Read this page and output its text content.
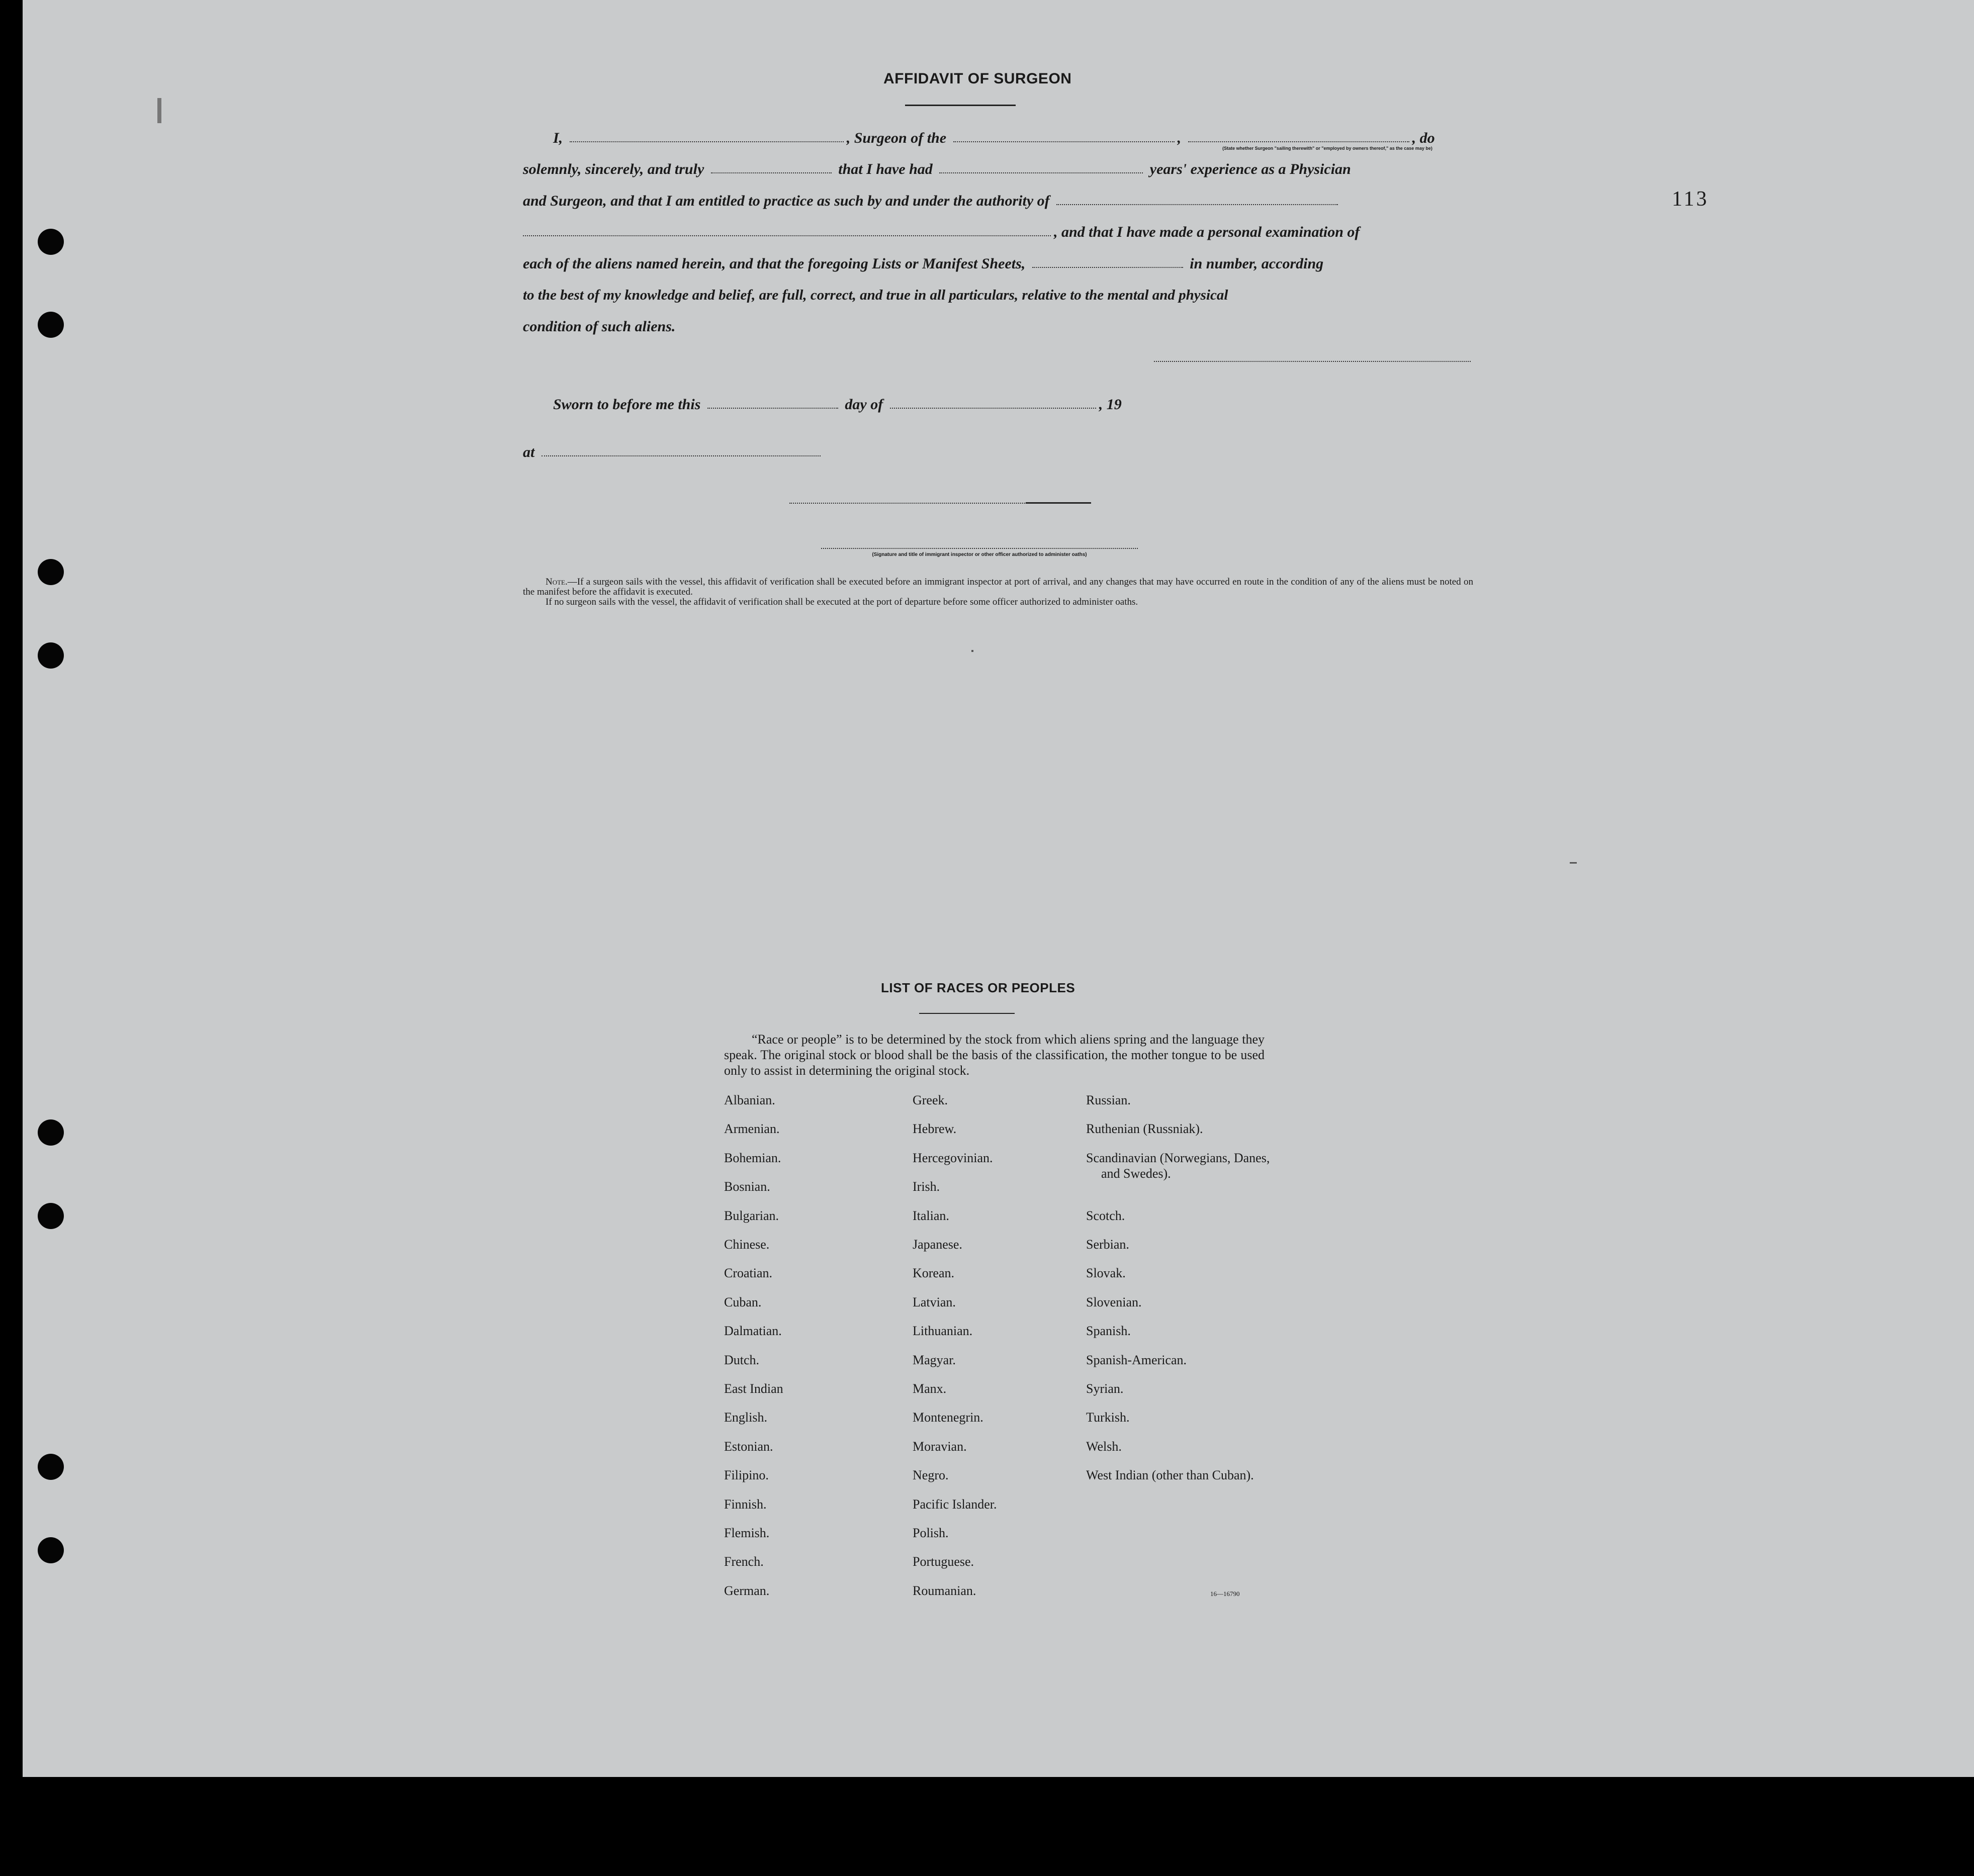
AFFIDAVIT OF SURGEON
I,	, Surgeon of the	,	, do
(State whether Surgeon "sailing therewith" or "employed by owners thereof," as the case may be)
solemnly, sincerely, and truly	that I have had	years' experience as a Physician
and Surgeon, and that I am entitled to practice as such by and under the authority of
, and that I have made a personal examination of
each of the aliens named herein, and that the foregoing Lists or Manifest Sheets,	in number, according
to the best of my knowledge and belief, are full, correct, and true in all particulars, relative to the mental and physical
condition of such aliens.
Sworn to before me this	day of	, 19
at
(Signature and title of immigrant inspector or other officer authorized to administer oaths)
Note.—If a surgeon sails with the vessel, this affidavit of verification shall be executed before an immigrant inspector at port of arrival, and any changes that may have occurred en route in the condition of any of the aliens must be noted on the manifest before the affidavit is executed.
If no surgeon sails with the vessel, the affidavit of verification shall be executed at the port of departure before some officer authorized to administer oaths.
113
LIST OF RACES OR PEOPLES
“Race or people” is to be determined by the stock from which aliens spring and the language they speak. The original stock or blood shall be the basis of the classification, the mother tongue to be used only to assist in determining the original stock.
Albanian.
Armenian.
Bohemian.
Bosnian.
Bulgarian.
Chinese.
Croatian.
Cuban.
Dalmatian.
Dutch.
East Indian
English.
Estonian.
Filipino.
Finnish.
Flemish.
French.
German.
Greek.
Hebrew.
Hercegovinian.
Irish.
Italian.
Japanese.
Korean.
Latvian.
Lithuanian.
Magyar.
Manx.
Montenegrin.
Moravian.
Negro.
Pacific Islander.
Polish.
Portuguese.
Roumanian.
Russian.
Ruthenian (Russniak).
Scandinavian (Norwegians, Danes, and Swedes).
Scotch.
Serbian.
Slovak.
Slovenian.
Spanish.
Spanish-American.
Syrian.
Turkish.
Welsh.
West Indian (other than Cuban).
16—16790
